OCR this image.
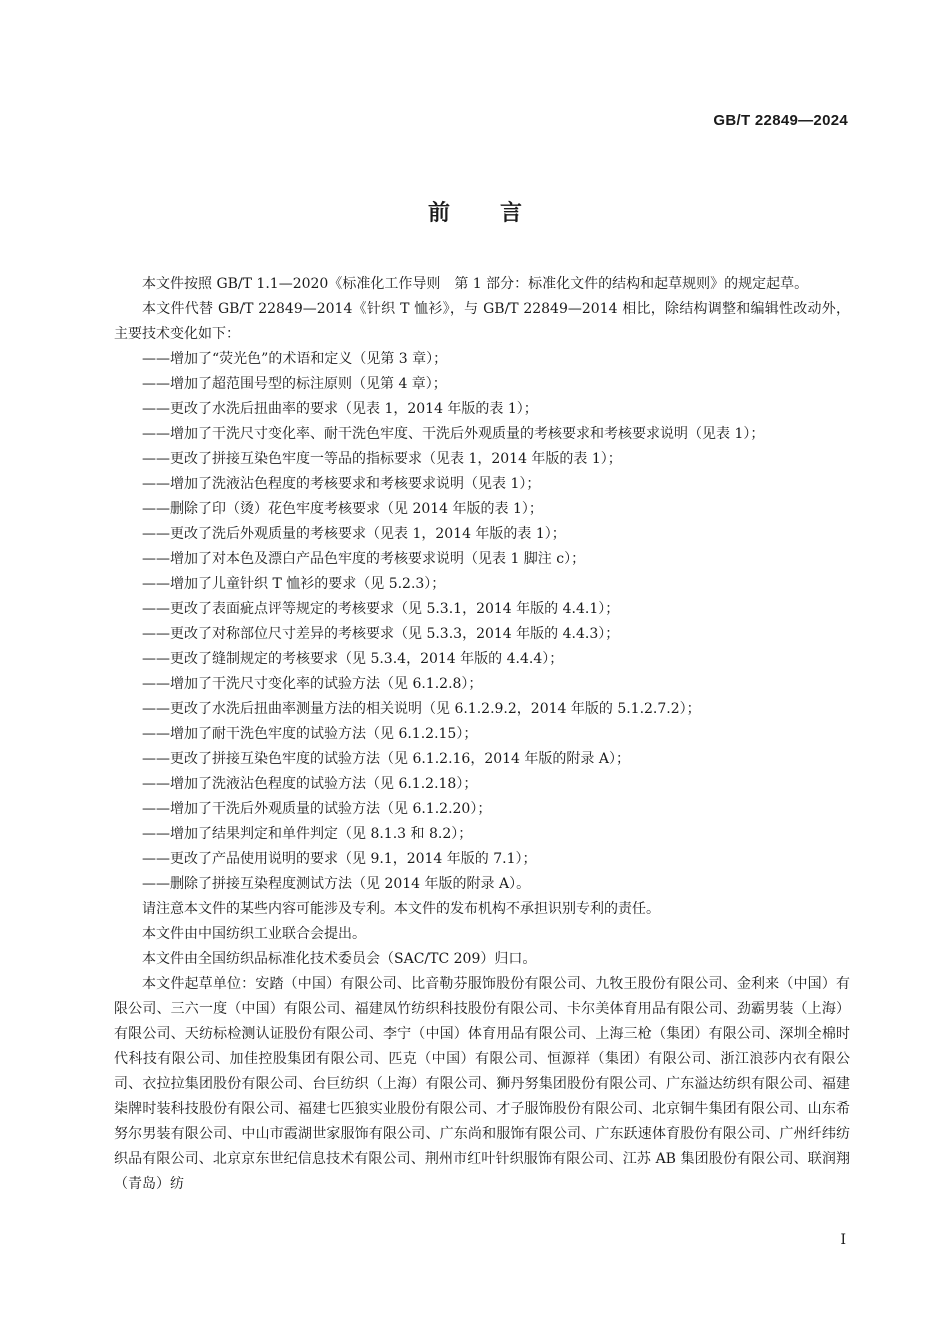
GB/T 22849—2024
前言

本文件按照 GB/T 1.1—2020《标准化工作导则　第 1 部分：标准化文件的结构和起草规则》的规定起草。

本文件代替 GB/T 22849—2014《针织 T 恤衫》，与 GB/T 22849—2014 相比，除结构调整和编辑性改动外，主要技术变化如下：

——增加了“荧光色”的术语和定义（见第 3 章）；

——增加了超范围号型的标注原则（见第 4 章）；

——更改了水洗后扭曲率的要求（见表 1，2014 年版的表 1）；

——增加了干洗尺寸变化率、耐干洗色牢度、干洗后外观质量的考核要求和考核要求说明（见表 1）；

——更改了拼接互染色牢度一等品的指标要求（见表 1，2014 年版的表 1）；

——增加了洗液沾色程度的考核要求和考核要求说明（见表 1）；

——删除了印（烫）花色牢度考核要求（见 2014 年版的表 1）；

——更改了洗后外观质量的考核要求（见表 1，2014 年版的表 1）；

——增加了对本色及漂白产品色牢度的考核要求说明（见表 1 脚注 c）；

——增加了儿童针织 T 恤衫的要求（见 5.2.3）；

——更改了表面疵点评等规定的考核要求（见 5.3.1，2014 年版的 4.4.1）；

——更改了对称部位尺寸差异的考核要求（见 5.3.3，2014 年版的 4.4.3）；

——更改了缝制规定的考核要求（见 5.3.4，2014 年版的 4.4.4）；

——增加了干洗尺寸变化率的试验方法（见 6.1.2.8）；

——更改了水洗后扭曲率测量方法的相关说明（见 6.1.2.9.2，2014 年版的 5.1.2.7.2）；

——增加了耐干洗色牢度的试验方法（见 6.1.2.15）；

——更改了拼接互染色牢度的试验方法（见 6.1.2.16，2014 年版的附录 A）；

——增加了洗液沾色程度的试验方法（见 6.1.2.18）；

——增加了干洗后外观质量的试验方法（见 6.1.2.20）；

——增加了结果判定和单件判定（见 8.1.3 和 8.2）；

——更改了产品使用说明的要求（见 9.1，2014 年版的 7.1）；

——删除了拼接互染程度测试方法（见 2014 年版的附录 A）。

请注意本文件的某些内容可能涉及专利。本文件的发布机构不承担识别专利的责任。

本文件由中国纺织工业联合会提出。

本文件由全国纺织品标准化技术委员会（SAC/TC 209）归口。

本文件起草单位：安踏（中国）有限公司、比音勒芬服饰股份有限公司、九牧王股份有限公司、金利来（中国）有限公司、三六一度（中国）有限公司、福建凤竹纺织科技股份有限公司、卡尔美体育用品有限公司、劲霸男装（上海）有限公司、天纺标检测认证股份有限公司、李宁（中国）体育用品有限公司、上海三枪（集团）有限公司、深圳全棉时代科技有限公司、加佳控股集团有限公司、匹克（中国）有限公司、恒源祥（集团）有限公司、浙江浪莎内衣有限公司、衣拉拉集团股份有限公司、台巨纺织（上海）有限公司、狮丹努集团股份有限公司、广东溢达纺织有限公司、福建柒牌时装科技股份有限公司、福建七匹狼实业股份有限公司、才子服饰股份有限公司、北京铜牛集团有限公司、山东希努尔男装有限公司、中山市霞湖世家服饰有限公司、广东尚和服饰有限公司、广东跃速体育股份有限公司、广州纤纬纺织品有限公司、北京京东世纪信息技术有限公司、荆州市红叶针织服饰有限公司、江苏 AB 集团股份有限公司、联润翔（青岛）纺

I
